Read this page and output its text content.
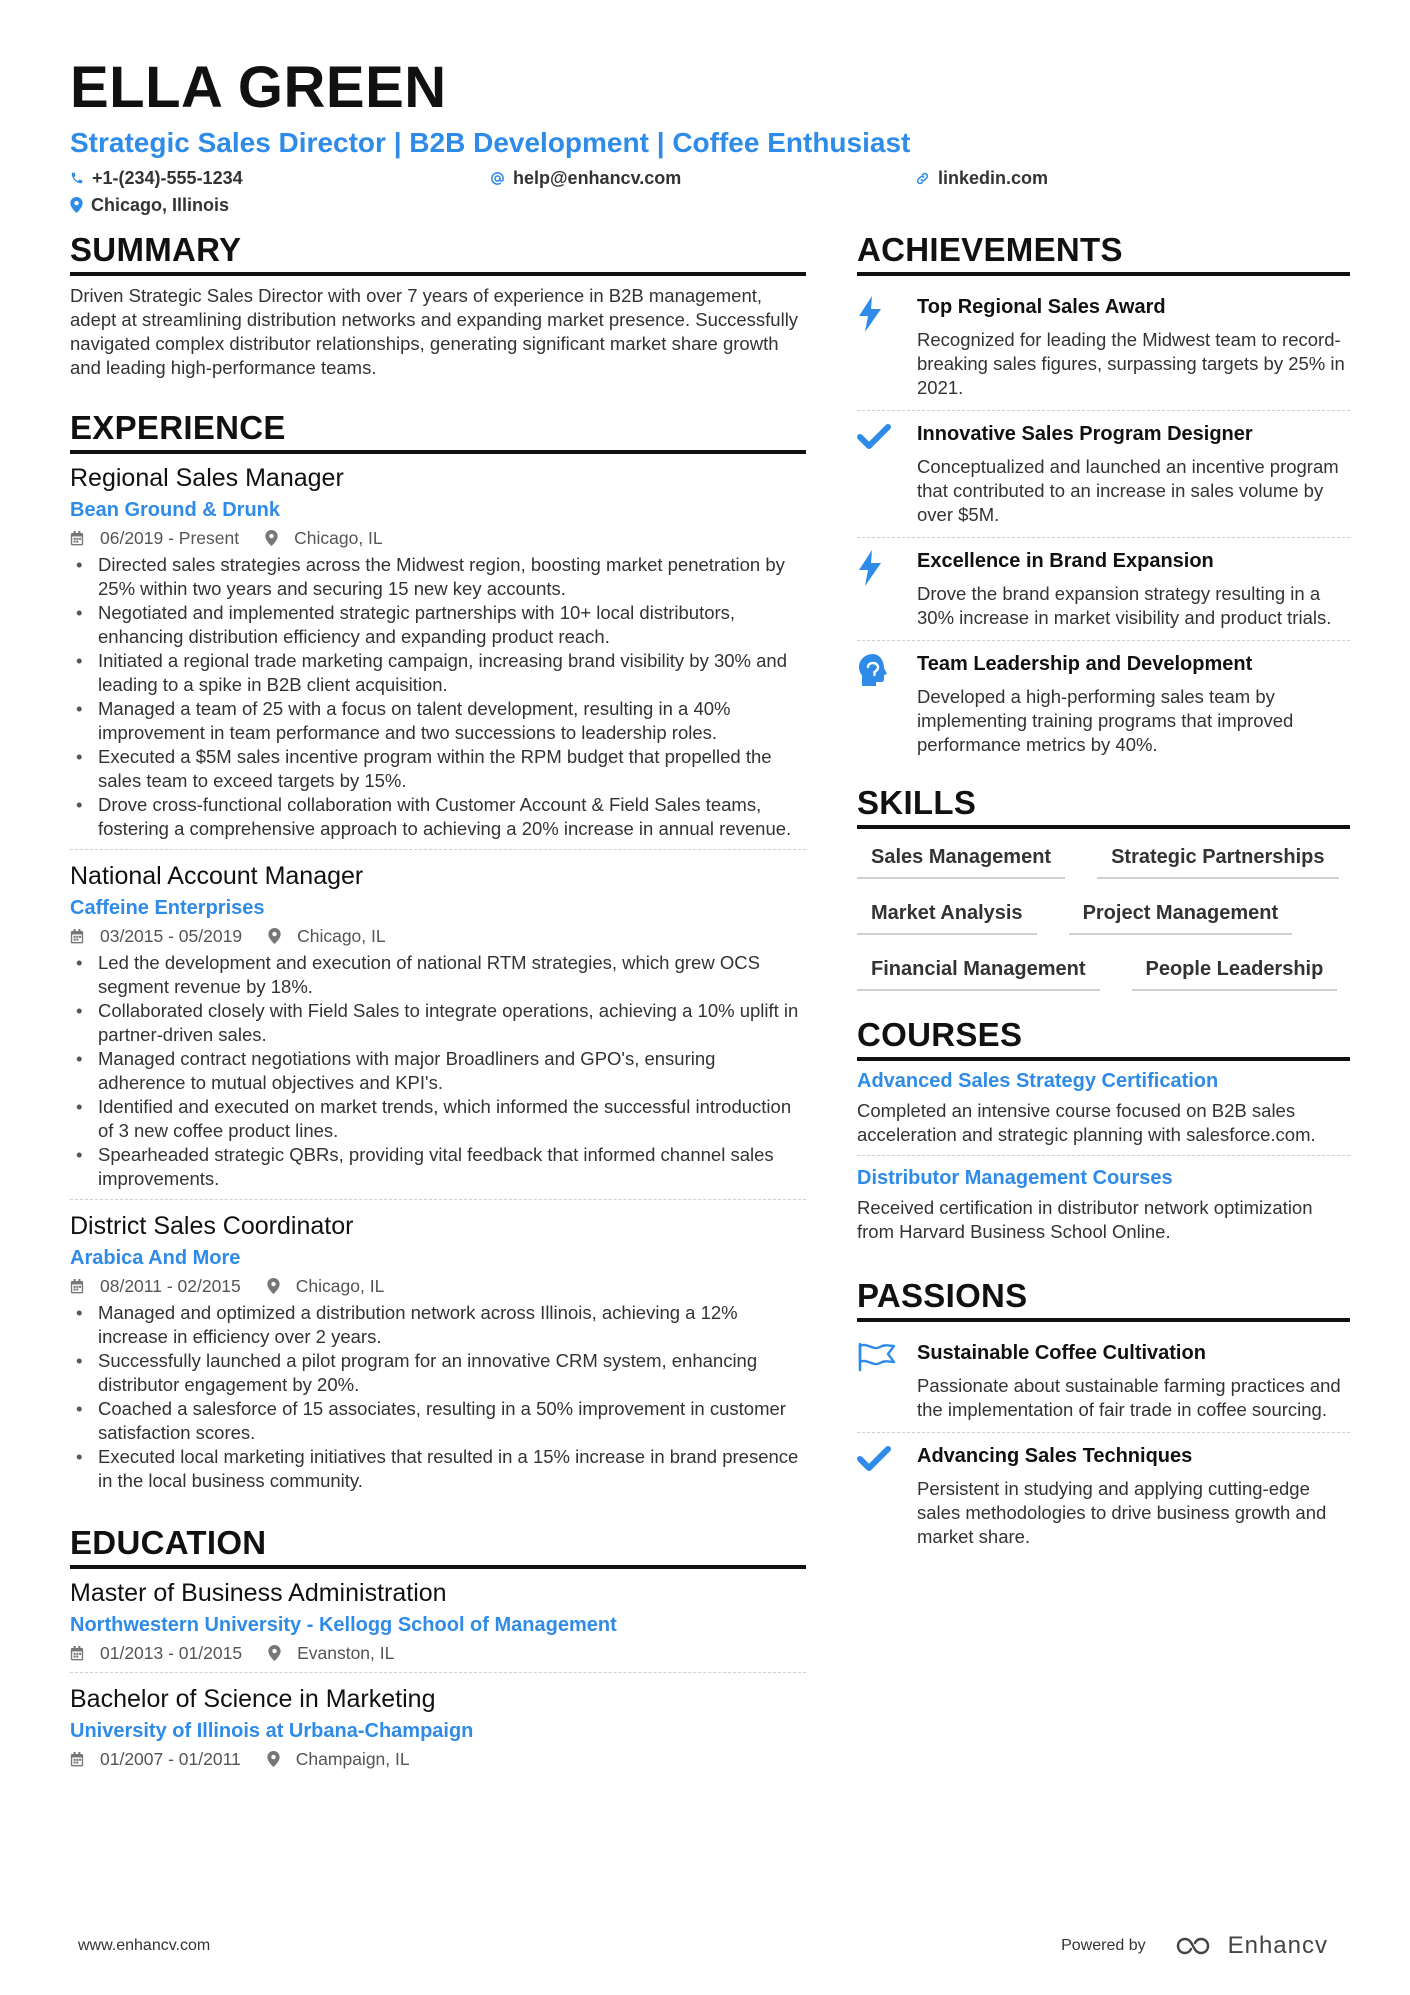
ELLA GREEN
Strategic Sales Director | B2B Development | Coffee Enthusiast
+1-(234)-555-1234	help@enhancv.com	linkedin.com
Chicago, Illinois
SUMMARY
Driven Strategic Sales Director with over 7 years of experience in B2B management, adept at streamlining distribution networks and expanding market presence. Successfully navigated complex distributor relationships, generating significant market share growth and leading high-performance teams.
EXPERIENCE
Regional Sales Manager
Bean Ground & Drunk
06/2019 - Present	Chicago, IL
• Directed sales strategies across the Midwest region, boosting market penetration by 25% within two years and securing 15 new key accounts.
• Negotiated and implemented strategic partnerships with 10+ local distributors, enhancing distribution efficiency and expanding product reach.
• Initiated a regional trade marketing campaign, increasing brand visibility by 30% and leading to a spike in B2B client acquisition.
• Managed a team of 25 with a focus on talent development, resulting in a 40% improvement in team performance and two successions to leadership roles.
• Executed a $5M sales incentive program within the RPM budget that propelled the sales team to exceed targets by 15%.
• Drove cross-functional collaboration with Customer Account & Field Sales teams, fostering a comprehensive approach to achieving a 20% increase in annual revenue.
National Account Manager
Caffeine Enterprises
03/2015 - 05/2019	Chicago, IL
• Led the development and execution of national RTM strategies, which grew OCS segment revenue by 18%.
• Collaborated closely with Field Sales to integrate operations, achieving a 10% uplift in partner-driven sales.
• Managed contract negotiations with major Broadliners and GPO's, ensuring adherence to mutual objectives and KPI's.
• Identified and executed on market trends, which informed the successful introduction of 3 new coffee product lines.
• Spearheaded strategic QBRs, providing vital feedback that informed channel sales improvements.
District Sales Coordinator
Arabica And More
08/2011 - 02/2015	Chicago, IL
• Managed and optimized a distribution network across Illinois, achieving a 12% increase in efficiency over 2 years.
• Successfully launched a pilot program for an innovative CRM system, enhancing distributor engagement by 20%.
• Coached a salesforce of 15 associates, resulting in a 50% improvement in customer satisfaction scores.
• Executed local marketing initiatives that resulted in a 15% increase in brand presence in the local business community.
EDUCATION
Master of Business Administration
Northwestern University - Kellogg School of Management
01/2013 - 01/2015	Evanston, IL
Bachelor of Science in Marketing
University of Illinois at Urbana-Champaign
01/2007 - 01/2011	Champaign, IL
ACHIEVEMENTS
Top Regional Sales Award
Recognized for leading the Midwest team to record-breaking sales figures, surpassing targets by 25% in 2021.
Innovative Sales Program Designer
Conceptualized and launched an incentive program that contributed to an increase in sales volume by over $5M.
Excellence in Brand Expansion
Drove the brand expansion strategy resulting in a 30% increase in market visibility and product trials.
Team Leadership and Development
Developed a high-performing sales team by implementing training programs that improved performance metrics by 40%.
SKILLS
Sales Management	Strategic Partnerships
Market Analysis	Project Management
Financial Management	People Leadership
COURSES
Advanced Sales Strategy Certification
Completed an intensive course focused on B2B sales acceleration and strategic planning with salesforce.com.
Distributor Management Courses
Received certification in distributor network optimization from Harvard Business School Online.
PASSIONS
Sustainable Coffee Cultivation
Passionate about sustainable farming practices and the implementation of fair trade in coffee sourcing.
Advancing Sales Techniques
Persistent in studying and applying cutting-edge sales methodologies to drive business growth and market share.
www.enhancv.com	Powered by	Enhancv
